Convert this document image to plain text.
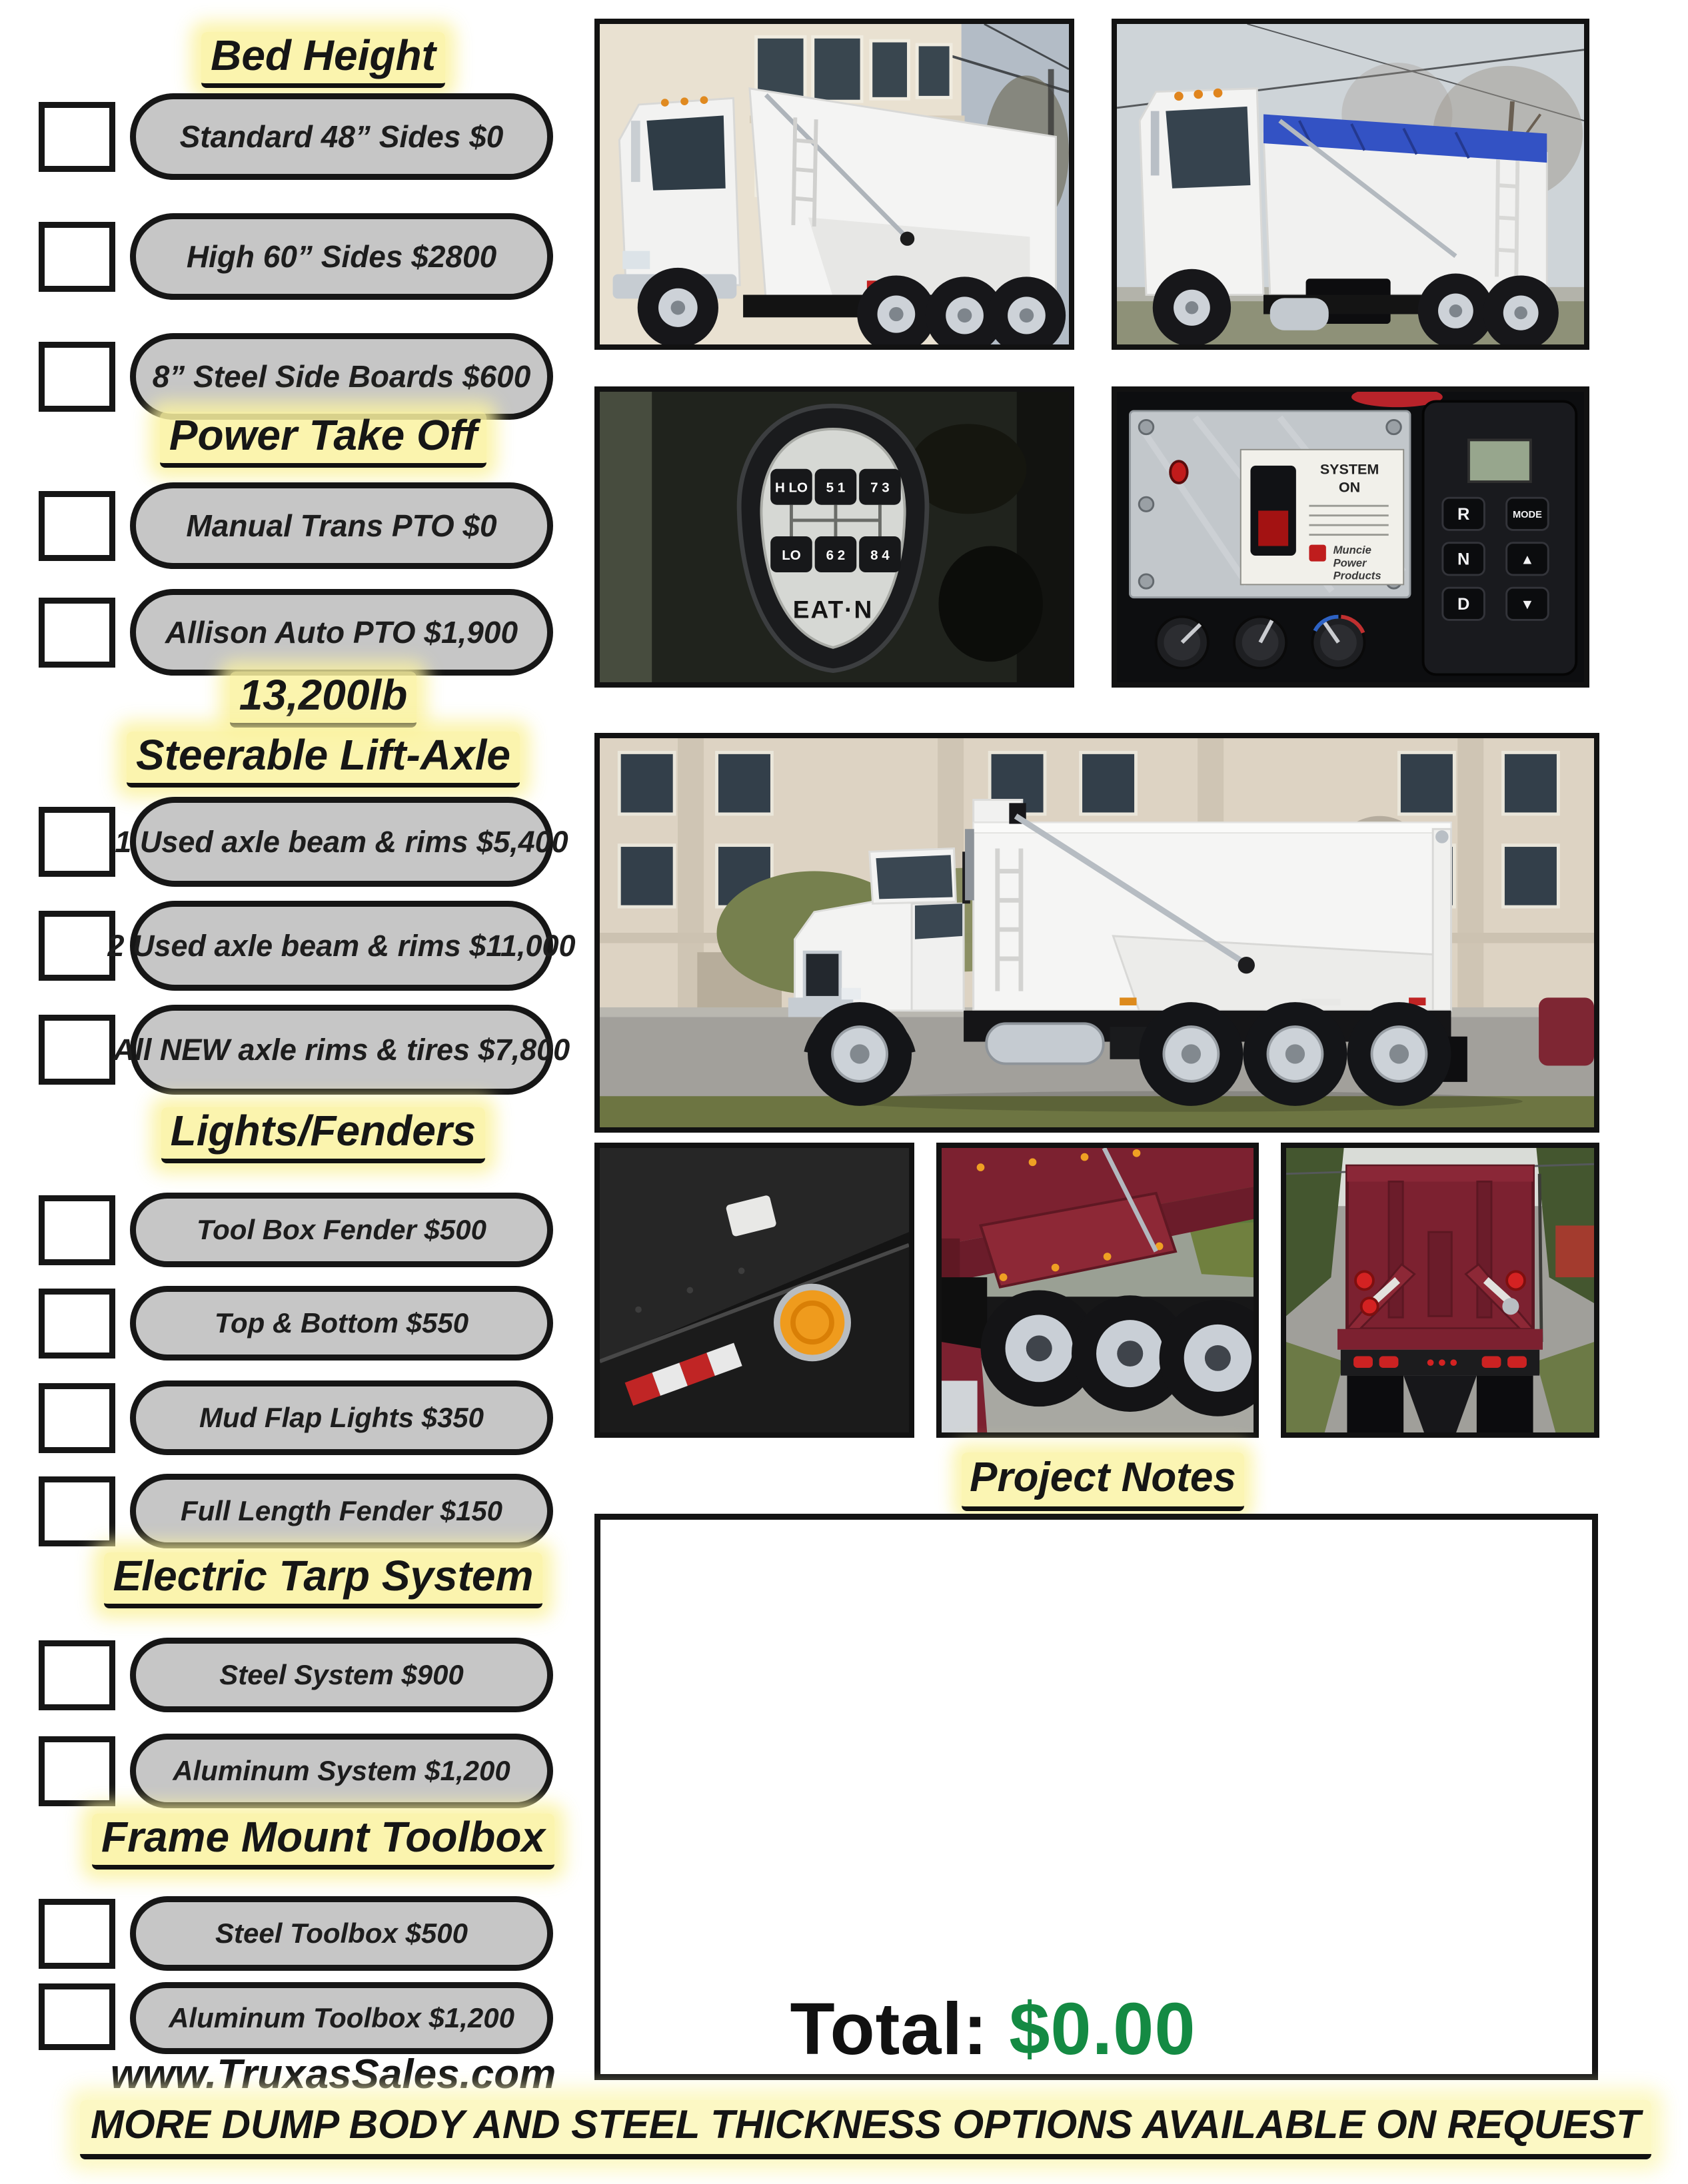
Bed Height
Standard 48” Sides $0
High 60” Sides $2800
8” Steel Side Boards $600
Power Take Off
Manual Trans PTO $0
Allison Auto PTO $1,900
13,200lb
Steerable Lift-Axle
1 Used axle beam & rims $5,400
2 Used axle beam & rims $11,000
All NEW axle rims & tires $7,800
Lights/Fenders
Tool Box Fender $500
Top & Bottom $550
Mud Flap Lights $350
Full Length Fender $150
Electric Tarp System
Steel System $900
Aluminum System $1,200
Frame Mount Toolbox
Steel Toolbox $500
Aluminum Toolbox $1,200
H LO 5 1 7 3
LO 6 2 8 4
EAT·N
SYSTEM
ON
Muncie
Power
Products
R	MODE
N	▲
D	▼
Project Notes
Total: $0.00
www.TruxasSales.com
MORE DUMP BODY AND STEEL THICKNESS OPTIONS AVAILABLE ON REQUEST
